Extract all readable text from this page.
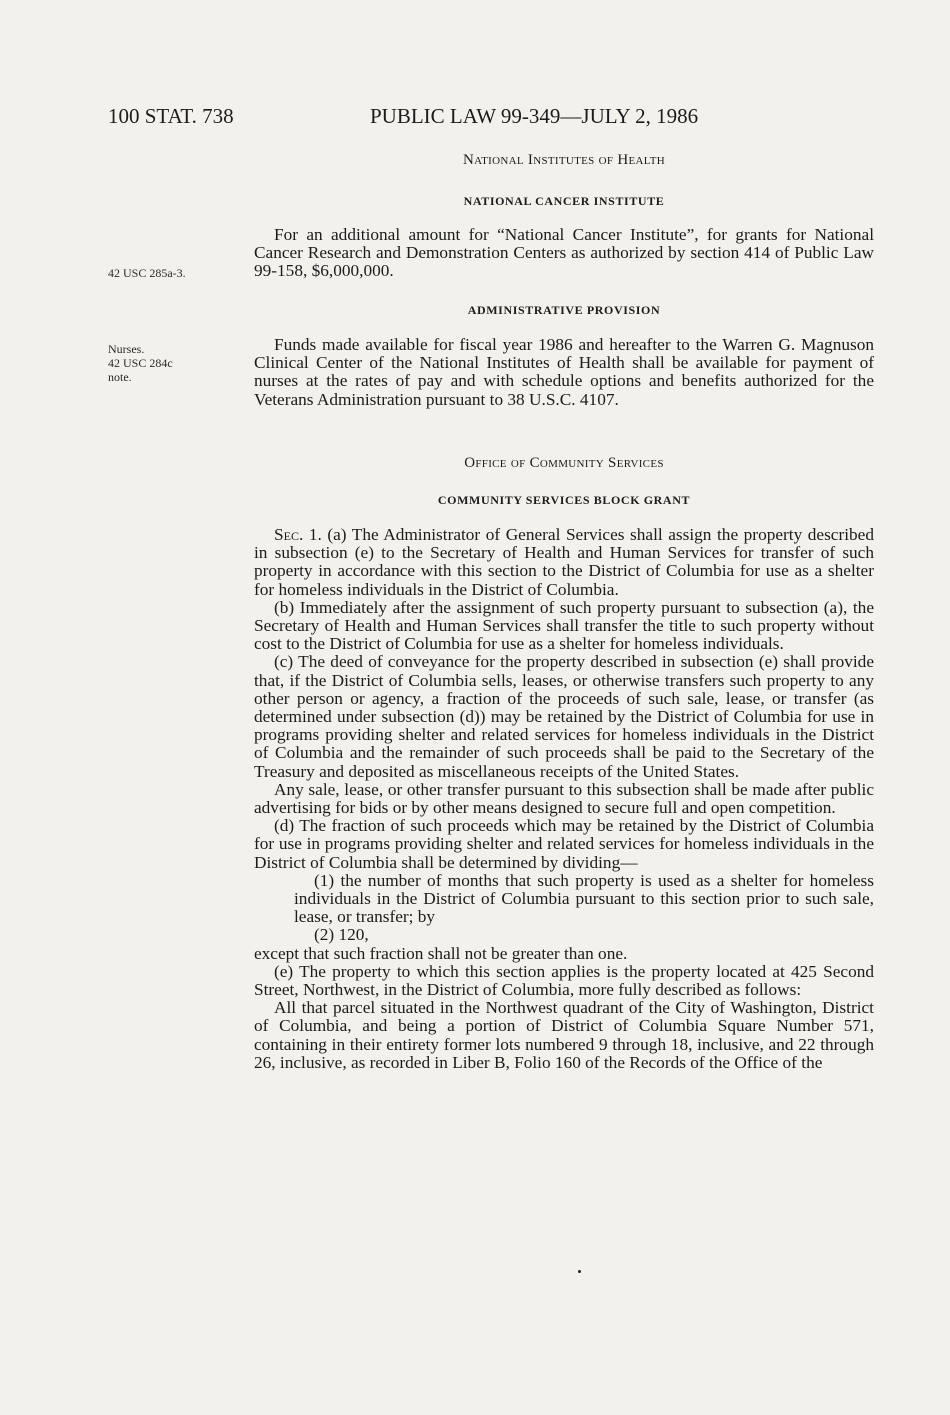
100 STAT. 738	PUBLIC LAW 99-349—JULY 2, 1986
National Institutes of Health
NATIONAL CANCER INSTITUTE

For an additional amount for “National Cancer Institute”, for grants for National Cancer Research and Demonstration Centers as authorized by section 414 of Public Law 99-158, $6,000,000.

42 USC 285a-3.
ADMINISTRATIVE PROVISION

Funds made available for fiscal year 1986 and hereafter to the Warren G. Magnuson Clinical Center of the National Institutes of Health shall be available for payment of nurses at the rates of pay and with schedule options and benefits authorized for the Veterans Administration pursuant to 38 U.S.C. 4107.

Nurses.
42 USC 284c
note.
Office of Community Services
COMMUNITY SERVICES BLOCK GRANT

Sec. 1. (a) The Administrator of General Services shall assign the property described in subsection (e) to the Secretary of Health and Human Services for transfer of such property in accordance with this section to the District of Columbia for use as a shelter for homeless individuals in the District of Columbia.

(b) Immediately after the assignment of such property pursuant to subsection (a), the Secretary of Health and Human Services shall transfer the title to such property without cost to the District of Columbia for use as a shelter for homeless individuals.

(c) The deed of conveyance for the property described in subsection (e) shall provide that, if the District of Columbia sells, leases, or otherwise transfers such property to any other person or agency, a fraction of the proceeds of such sale, lease, or transfer (as determined under subsection (d)) may be retained by the District of Columbia for use in programs providing shelter and related services for homeless individuals in the District of Columbia and the remainder of such proceeds shall be paid to the Secretary of the Treasury and deposited as miscellaneous receipts of the United States.

Any sale, lease, or other transfer pursuant to this subsection shall be made after public advertising for bids or by other means designed to secure full and open competition.

(d) The fraction of such proceeds which may be retained by the District of Columbia for use in programs providing shelter and related services for homeless individuals in the District of Columbia shall be determined by dividing—

(1) the number of months that such property is used as a shelter for homeless individuals in the District of Columbia pursuant to this section prior to such sale, lease, or transfer; by

(2) 120,

except that such fraction shall not be greater than one.

(e) The property to which this section applies is the property located at 425 Second Street, Northwest, in the District of Columbia, more fully described as follows:

All that parcel situated in the Northwest quadrant of the City of Washington, District of Columbia, and being a portion of District of Columbia Square Number 571, containing in their entirety former lots numbered 9 through 18, inclusive, and 22 through 26, inclusive, as recorded in Liber B, Folio 160 of the Records of the Office of the
